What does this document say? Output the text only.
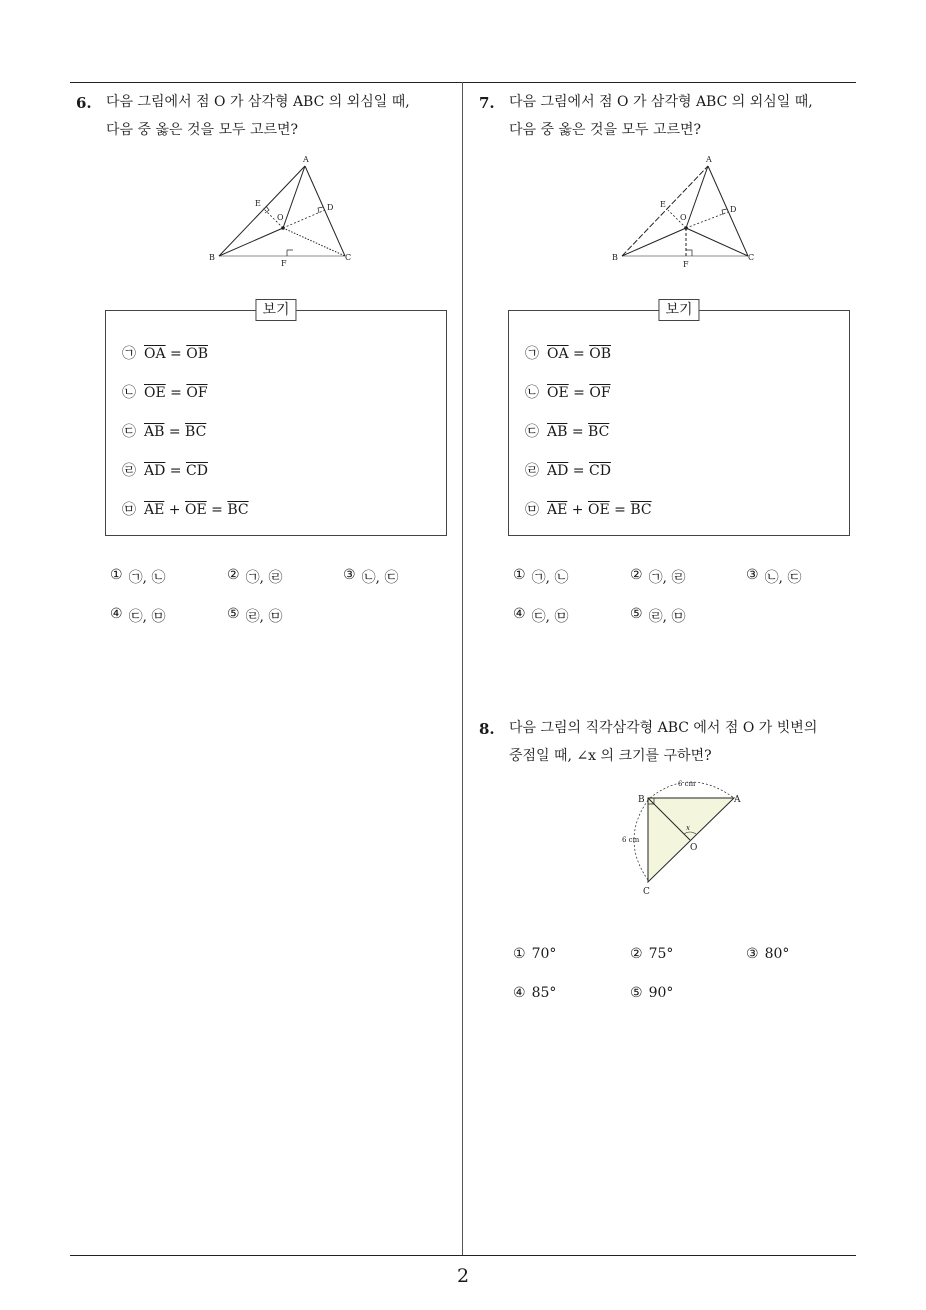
2
6. 다음 그림에서 점 O 가 삼각형 ABC 의 외심일 때,
다음 중 옳은 것을 모두 고르면?

A
B	C
D
E
F
O
보기
㉠ $\overline{OA} = \overline{OB}$
㉡ $\overline{OE} = \overline{OF}$
㉢ $\overline{AB} = \overline{BC}$
㉣ $\overline{AD} = \overline{CD}$
㉤ $\overline{AE} + \overline{OE} = \overline{BC}$
① ㉠, ㉡	② ㉠, ㉣	③ ㉡, ㉢
④ ㉢, ㉤	⑤ ㉣, ㉤
7. 다음 그림에서 점 O 가 삼각형 ABC 의 외심일 때,
다음 중 옳은 것을 모두 고르면?

A
B	C
D
E
F
O
보기
㉠ $\overline{OA} = \overline{OB}$
㉡ $\overline{OE} = \overline{OF}$
㉢ $\overline{AB} = \overline{BC}$
㉣ $\overline{AD} = \overline{CD}$
㉤ $\overline{AE} + \overline{OE} = \overline{BC}$
① ㉠, ㉡	② ㉠, ㉣	③ ㉡, ㉢
④ ㉢, ㉤	⑤ ㉣, ㉤
8. 다음 그림의 직각삼각형 ABC 에서 점 O 가 빗변의
중점일 때, ∠x 의 크기를 구하면?

B	A
C
O
x
6 cm
6 cm
① 70°	② 75°	③ 80°
④ 85°	⑤ 90°
